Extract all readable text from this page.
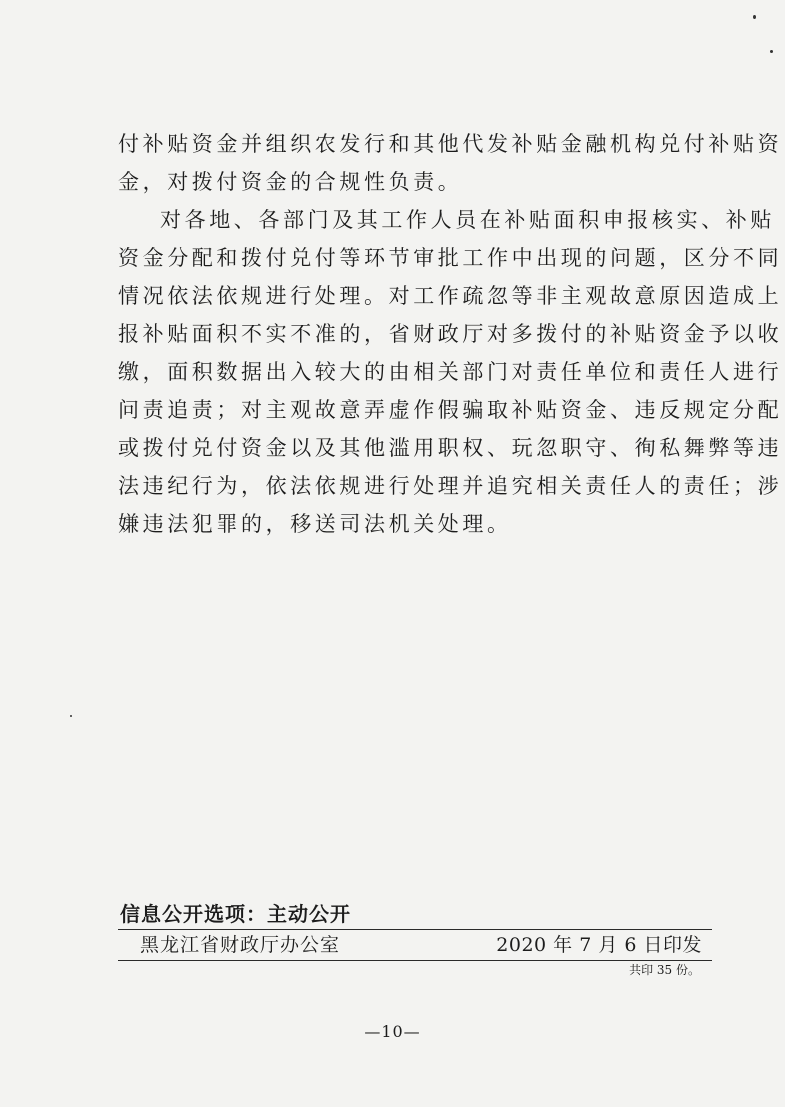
付补贴资金并组织农发行和其他代发补贴金融机构兑付补贴资
金，对拨付资金的合规性负责。

对各地、各部门及其工作人员在补贴面积申报核实、补贴
资金分配和拨付兑付等环节审批工作中出现的问题，区分不同
情况依法依规进行处理。对工作疏忽等非主观故意原因造成上
报补贴面积不实不准的，省财政厅对多拨付的补贴资金予以收
缴，面积数据出入较大的由相关部门对责任单位和责任人进行
问责追责；对主观故意弄虚作假骗取补贴资金、违反规定分配
或拨付兑付资金以及其他滥用职权、玩忽职守、徇私舞弊等违
法违纪行为，依法依规进行处理并追究相关责任人的责任；涉
嫌违法犯罪的，移送司法机关处理。

信息公开选项：主动公开
黑龙江省财政厅办公室	2020 年 7 月 6 日印发
共印 35 份。
—10—
